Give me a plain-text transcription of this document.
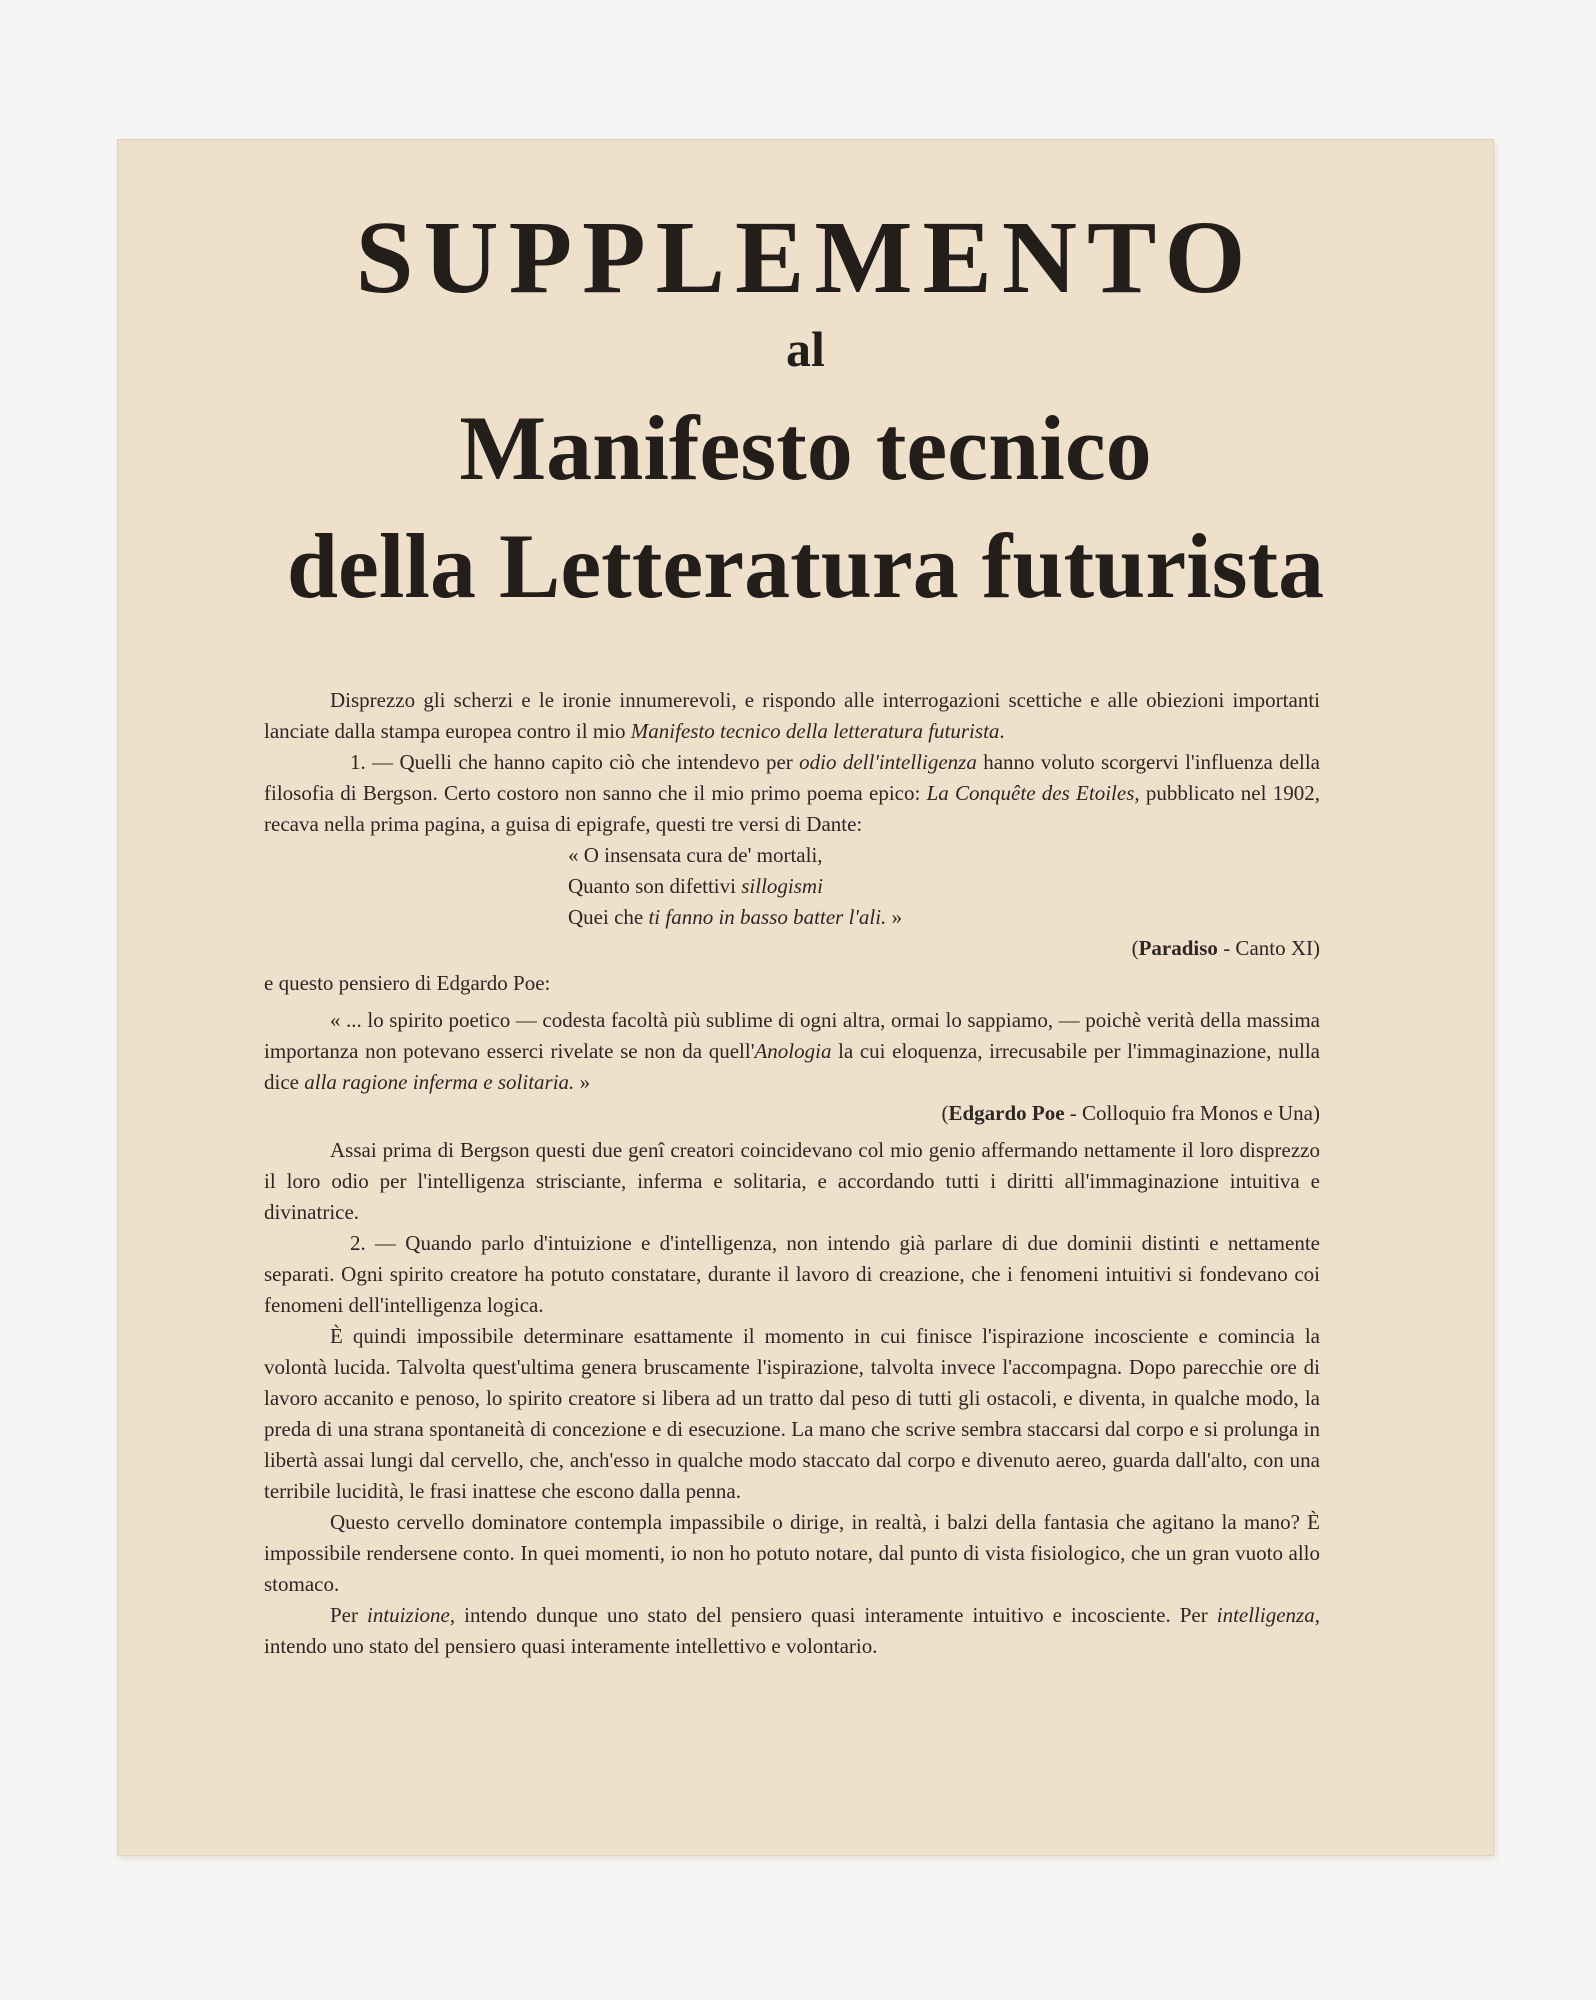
SUPPLEMENTO
al
Manifesto tecnico
della Letteratura futurista

Disprezzo gli scherzi e le ironie innumerevoli, e rispondo alle interrogazioni scettiche e alle obiezioni importanti lanciate dalla stampa europea contro il mio Manifesto tecnico della letteratura futurista.

1. — Quelli che hanno capito ciò che intendevo per odio dell'intelligenza hanno voluto scorgervi l'influenza della filosofia di Bergson. Certo costoro non sanno che il mio primo poema epico: La Conquête des Etoiles, pubblicato nel 1902, recava nella prima pagina, a guisa di epigrafe, questi tre versi di Dante:

« O insensata cura de' mortali,

Quanto son difettivi sillogismi

Quei che ti fanno in basso batter l'ali. »

(Paradiso - Canto XI)

e questo pensiero di Edgardo Poe:

« ... lo spirito poetico — codesta facoltà più sublime di ogni altra, ormai lo sappiamo, — poichè verità della massima importanza non potevano esserci rivelate se non da quell'Anologia la cui eloquenza, irrecusabile per l'immaginazione, nulla dice alla ragione inferma e solitaria. »

(Edgardo Poe - Colloquio fra Monos e Una)

Assai prima di Bergson questi due genî creatori coincidevano col mio genio affermando nettamente il loro disprezzo il loro odio per l'intelligenza strisciante, inferma e solitaria, e accordando tutti i diritti all'immaginazione intuitiva e divinatrice.

2. — Quando parlo d'intuizione e d'intelligenza, non intendo già parlare di due dominii distinti e nettamente separati. Ogni spirito creatore ha potuto constatare, durante il lavoro di creazione, che i fenomeni intuitivi si fondevano coi fenomeni dell'intelligenza logica.

È quindi impossibile determinare esattamente il momento in cui finisce l'ispirazione incosciente e comincia la volontà lucida. Talvolta quest'ultima genera bruscamente l'ispirazione, talvolta invece l'accompagna. Dopo parecchie ore di lavoro accanito e penoso, lo spirito creatore si libera ad un tratto dal peso di tutti gli ostacoli, e diventa, in qualche modo, la preda di una strana spontaneità di concezione e di esecuzione. La mano che scrive sembra staccarsi dal corpo e si prolunga in libertà assai lungi dal cervello, che, anch'esso in qualche modo staccato dal corpo e divenuto aereo, guarda dall'alto, con una terribile lucidità, le frasi inattese che escono dalla penna.

Questo cervello dominatore contempla impassibile o dirige, in realtà, i balzi della fantasia che agitano la mano? È impossibile rendersene conto. In quei momenti, io non ho potuto notare, dal punto di vista fisiologico, che un gran vuoto allo stomaco.

Per intuizione, intendo dunque uno stato del pensiero quasi interamente intuitivo e incosciente. Per intelligenza, intendo uno stato del pensiero quasi interamente intellettivo e volontario.
